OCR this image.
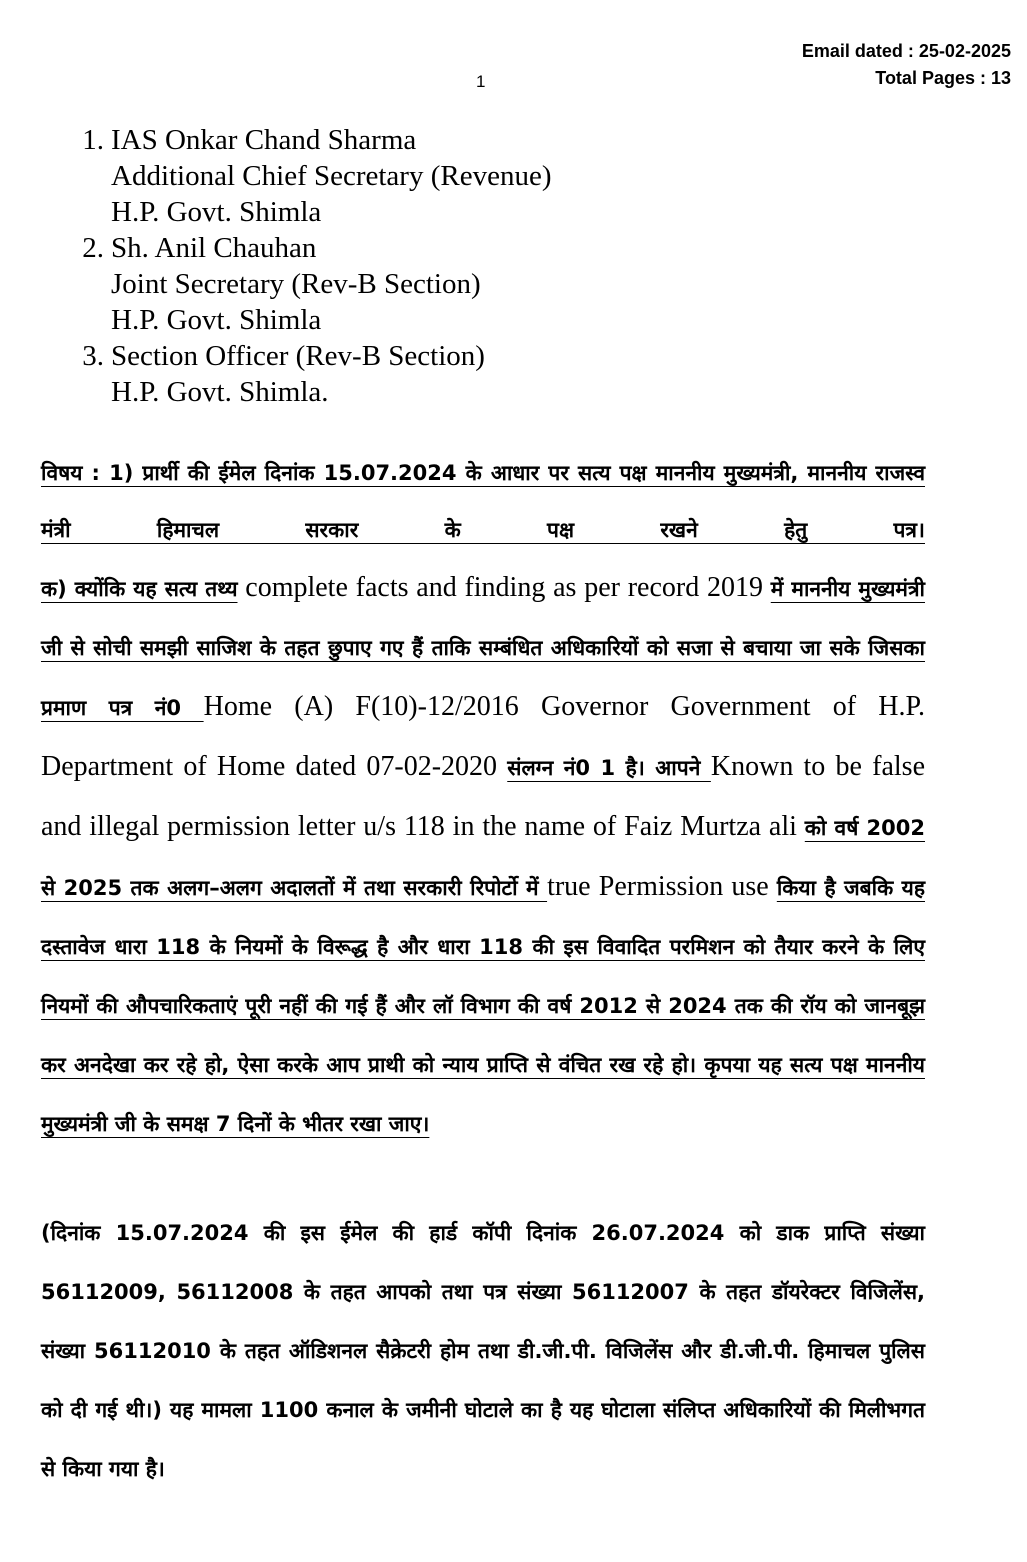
Email dated : 25-02-2025
Total Pages : 13
1
1. IAS Onkar Chand Sharma
Additional Chief Secretary (Revenue)
H.P. Govt. Shimla
2. Sh. Anil Chauhan
Joint Secretary (Rev-B Section)
H.P. Govt. Shimla
3. Section Officer (Rev-B Section)
H.P. Govt. Shimla.

विषय : 1) प्रार्थी की ईमेल दिनांक 15.07.2024 के आधार पर सत्य पक्ष माननीय मुख्यमंत्री, माननीय राजस्व मंत्री हिमाचल सरकार के पक्ष रखने हेतु पत्र।

क) क्योंकि यह सत्य तथ्य complete facts and finding as per record 2019 में माननीय मुख्यमंत्री जी से सोची समझी साजिश के तहत छुपाए गए हैं ताकि सम्बंधित अधिकारियों को सजा से बचाया जा सके जिसका प्रमाण पत्र नं0 Home (A) F(10)-12/2016 Governor Government of H.P. Department of Home dated 07-02-2020 संलग्न नं0 1 है। आपने Known to be false and illegal permission letter u/s 118 in the name of Faiz Murtza ali को वर्ष 2002 से 2025 तक अलग–अलग अदालतों में तथा सरकारी रिपोर्टो में true Permission use किया है जबकि यह दस्तावेज धारा 118 के नियमों के विरूद्ध है और धारा 118 की इस विवादित परमिशन को तैयार करने के लिए नियमों की औपचारिकताएं पूरी नहीं की गई हैं और लॉ विभाग की वर्ष 2012 से 2024 तक की रॉय को जानबूझ कर अनदेखा कर रहे हो, ऐसा करके आप प्राथी को न्याय प्राप्ति से वंचित रख रहे हो। कृपया यह सत्य पक्ष माननीय मुख्यमंत्री जी के समक्ष 7 दिनों के भीतर रखा जाए।

(दिनांक 15.07.2024 की इस ईमेल की हार्ड कॉपी दिनांक 26.07.2024 को डाक प्राप्ति संख्या 56112009, 56112008 के तहत आपको तथा पत्र संख्या 56112007 के तहत डॉयरेक्टर विजिलेंस, संख्या 56112010 के तहत ऑडिशनल सैक्रेटरी होम तथा डी.जी.पी. विजिलेंस और डी.जी.पी. हिमाचल पुलिस को दी गई थी।) यह मामला 1100 कनाल के जमीनी घोटाले का है यह घोटाला संलिप्त अधिकारियों की मिलीभगत से किया गया है।
